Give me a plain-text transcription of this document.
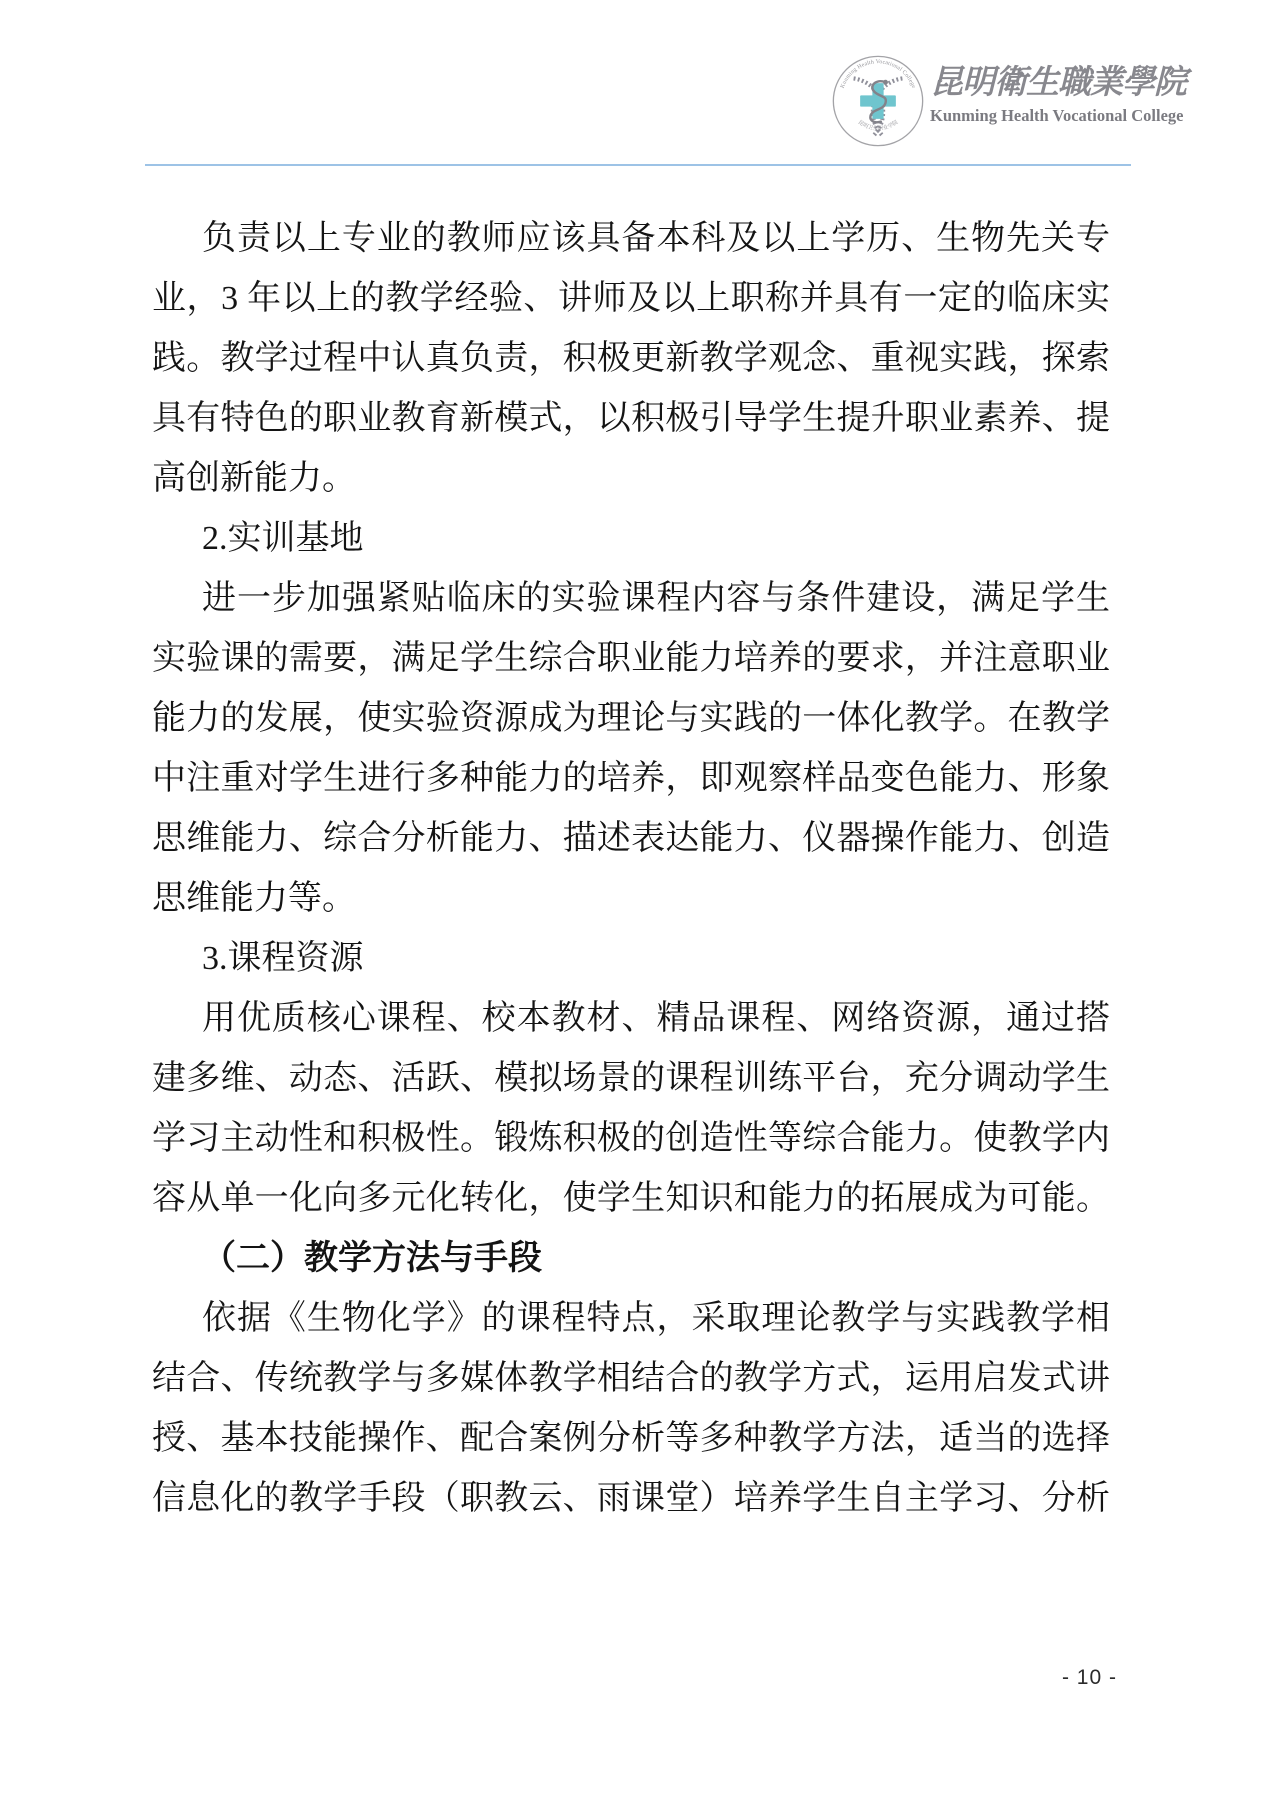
Kunming Health Vocational College
昆明卫生职业学院
昆明衛生職業學院
Kunming Health Vocational College
负责以上专业的教师应该具备本科及以上学历、生物先关专
业，3 年以上的教学经验、讲师及以上职称并具有一定的临床实
践。教学过程中认真负责，积极更新教学观念、重视实践，探索
具有特色的职业教育新模式，以积极引导学生提升职业素养、提
高创新能力。
2.实训基地
进一步加强紧贴临床的实验课程内容与条件建设，满足学生
实验课的需要，满足学生综合职业能力培养的要求，并注意职业
能力的发展，使实验资源成为理论与实践的一体化教学。在教学
中注重对学生进行多种能力的培养，即观察样品变色能力、形象
思维能力、综合分析能力、描述表达能力、仪器操作能力、创造
思维能力等。
3.课程资源
用优质核心课程、校本教材、精品课程、网络资源，通过搭
建多维、动态、活跃、模拟场景的课程训练平台，充分调动学生
学习主动性和积极性。锻炼积极的创造性等综合能力。使教学内
容从单一化向多元化转化，使学生知识和能力的拓展成为可能。
（二）教学方法与手段
依据《生物化学》的课程特点，采取理论教学与实践教学相
结合、传统教学与多媒体教学相结合的教学方式，运用启发式讲
授、基本技能操作、配合案例分析等多种教学方法，适当的选择
信息化的教学手段（职教云、雨课堂）培养学生自主学习、分析
- 10 -
